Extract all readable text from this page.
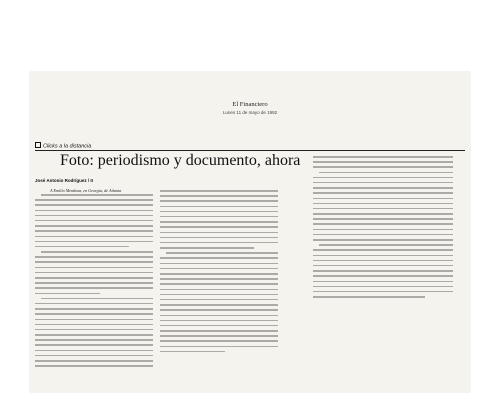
El Financiero
Lunes 11 de mayo de 1992
Clicks a la distancia
Foto: periodismo y documento, ahora
José Antonio Rodríguez / II
A Emilio Mendoza, en Georgia, de Atlanta
